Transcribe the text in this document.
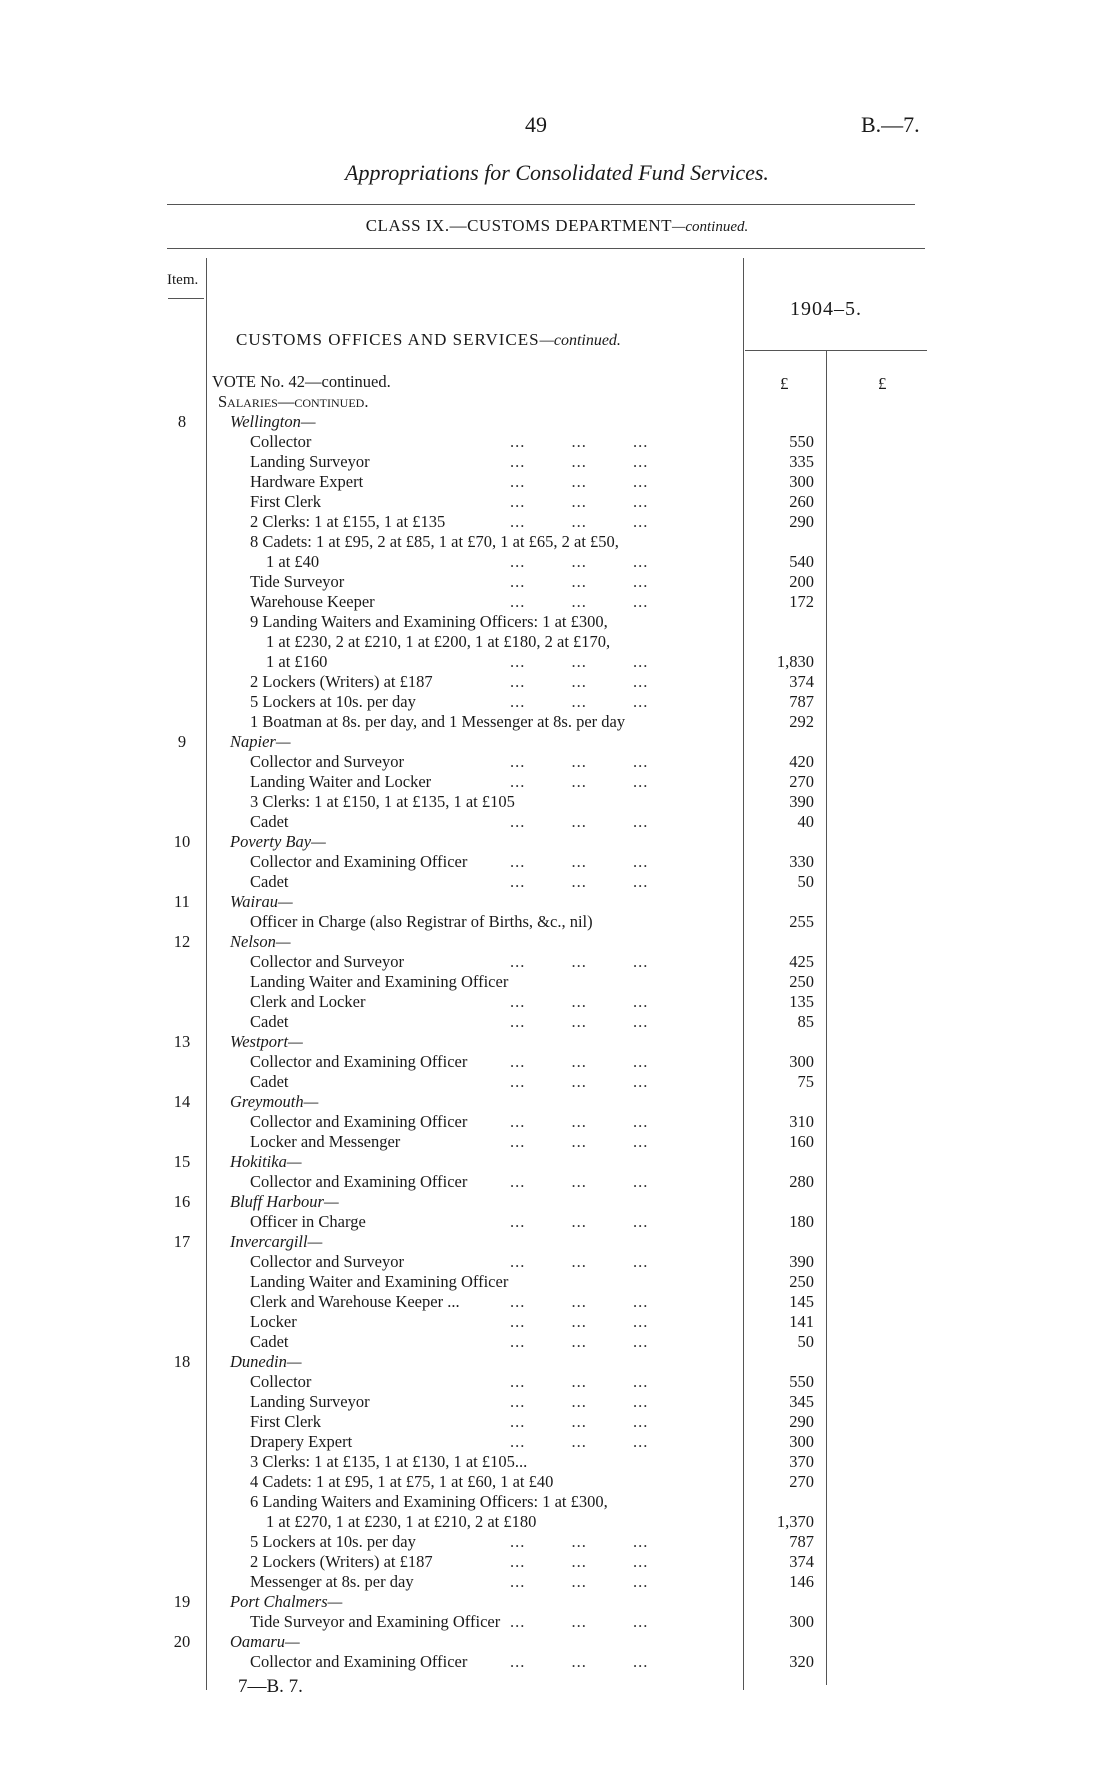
49	B.—7.
Appropriations for Consolidated Fund Services.
CLASS IX.—CUSTOMS DEPARTMENT—continued.
Item.
1904–5.
CUSTOMS OFFICES AND SERVICES—continued.
£	£
VOTE No. 42—continued.
Salaries—continued.
8	Wellington—
Collector	...         ...         ...	550
Landing Surveyor	...         ...         ...	335
Hardware Expert	...         ...         ...	300
First Clerk	...         ...         ...	260
2 Clerks: 1 at £155, 1 at £135	...         ...         ...	290
8 Cadets: 1 at £95, 2 at £85, 1 at £70, 1 at £65, 2 at £50,
1 at £40	...         ...         ...	540
Tide Surveyor	...         ...         ...	200
Warehouse Keeper	...         ...         ...	172
9 Landing Waiters and Examining Officers: 1 at £300,
1 at £230, 2 at £210, 1 at £200, 1 at £180, 2 at £170,
1 at £160	...         ...         ...	1,830
2 Lockers (Writers) at £187	...         ...         ...	374
5 Lockers at 10s. per day	...         ...         ...	787
1 Boatman at 8s. per day, and 1 Messenger at 8s. per day	292
9	Napier—
Collector and Surveyor	...         ...         ...	420
Landing Waiter and Locker	...         ...         ...	270
3 Clerks: 1 at £150, 1 at £135, 1 at £105	390
Cadet	...         ...         ...	40
10	Poverty Bay—
Collector and Examining Officer	...         ...         ...	330
Cadet	...         ...         ...	50
11	Wairau—
Officer in Charge (also Registrar of Births, &c., nil)	255
12	Nelson—
Collector and Surveyor	...         ...         ...	425
Landing Waiter and Examining Officer	250
Clerk and Locker	...         ...         ...	135
Cadet	...         ...         ...	85
13	Westport—
Collector and Examining Officer	...         ...         ...	300
Cadet	...         ...         ...	75
14	Greymouth—
Collector and Examining Officer	...         ...         ...	310
Locker and Messenger	...         ...         ...	160
15	Hokitika—
Collector and Examining Officer	...         ...         ...	280
16	Bluff Harbour—
Officer in Charge	...         ...         ...	180
17	Invercargill—
Collector and Surveyor	...         ...         ...	390
Landing Waiter and Examining Officer	250
Clerk and Warehouse Keeper ...	...         ...         ...	145
Locker	...         ...         ...	141
Cadet	...         ...         ...	50
18	Dunedin—
Collector	...         ...         ...	550
Landing Surveyor	...         ...         ...	345
First Clerk	...         ...         ...	290
Drapery Expert	...         ...         ...	300
3 Clerks: 1 at £135, 1 at £130, 1 at £105...	370
4 Cadets: 1 at £95, 1 at £75, 1 at £60, 1 at £40	270
6 Landing Waiters and Examining Officers: 1 at £300,
1 at £270, 1 at £230, 1 at £210, 2 at £180	1,370
5 Lockers at 10s. per day	...         ...         ...	787
2 Lockers (Writers) at £187	...         ...         ...	374
Messenger at 8s. per day	...         ...         ...	146
19	Port Chalmers—
Tide Surveyor and Examining Officer ...         ...         ...	300
20	Oamaru—
Collector and Examining Officer	...         ...         ...	320
7—B. 7.
